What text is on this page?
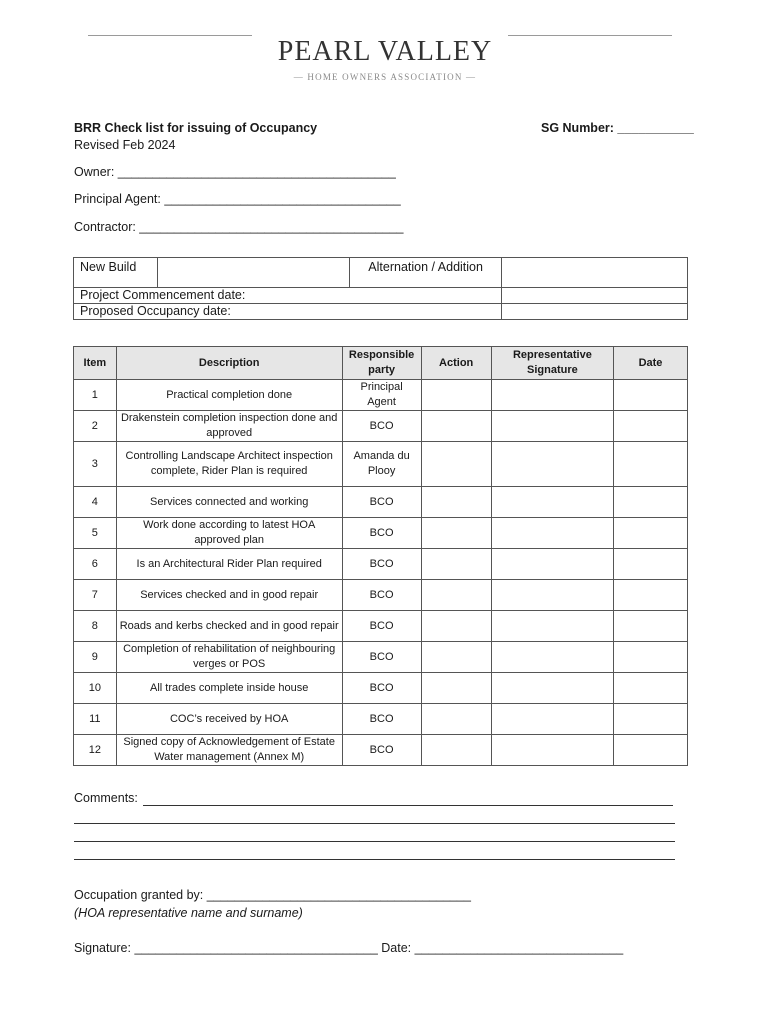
PEARL VALLEY
— HOME OWNERS ASSOCIATION —
BRR Check list for issuing of Occupancy	SG Number: ___________
Revised Feb 2024
Owner: ________________________________________
Principal Agent: __________________________________
Contractor: ______________________________________
New Build		Alternation / Addition	
Project Commencement date:			
Proposed Occupancy date:			
Item	Description	Responsible party	Action	Representative Signature	Date
1	Practical completion done	Principal Agent			
2	Drakenstein completion inspection done and approved	BCO			
3	Controlling Landscape Architect inspection complete, Rider Plan is required	Amanda du Plooy			
4	Services connected and working	BCO			
5	Work done according to latest HOA approved plan	BCO			
6	Is an Architectural Rider Plan required	BCO			
7	Services checked and in good repair	BCO			
8	Roads and kerbs checked and in good repair	BCO			
9	Completion of rehabilitation of neighbouring verges or POS	BCO			
10	All trades complete inside house	BCO			
11	COC’s received by HOA	BCO			
12	Signed copy of Acknowledgement of Estate Water management (Annex M)	BCO			
Comments:
Occupation granted by: ______________________________________
(HOA representative name and surname)
Signature: ___________________________________ Date: ______________________________
